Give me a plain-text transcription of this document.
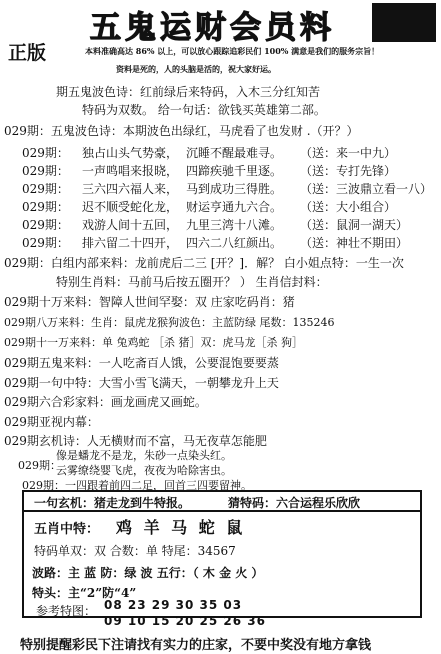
五鬼运财会员料
正版	本料准确高达 86% 以上，可以放心跟踪追彩民们 100% 满意是我们的服务宗旨！
资料是死的，人的头脑是活的，祝大家好运。
期五鬼波色诗：红前绿后来特码，入木三分红知苦
特码为双数。 给一句话：欲钱买英雄第二部。
029期：五鬼波色诗：本期波色出绿红，马虎看了也发财 .（开？）
029期： 独占山头气势豪， 沉睡不醒最难寻。 （送：来一中九）
029期： 一声鸣唱来报晓， 四蹄疾驰千里逐。 （送：专打先锋）
029期： 三六四六福人来， 马到成功三得胜。 （送：三波鼎立看一八）
029期： 迟不顺受蛇化龙， 财运亨通九六合。 （送：大小组合）
029期： 戏游人间十五回， 九里三湾十八滩。 （送：鼠洞一湖天）
029期： 排六留二十四开， 四六二八红颜出。 （送：神壮不期田）
029期：白组内部来料：龙前虎后二三 [开？]．解？ 白小姐点特：一生一次
特别生肖料：马前马后按五圈开？ ） 生肖信封料：
029期十万来料：智障人世间罕娶：双 庄家吃码肖：猪
029期八万来料：生肖：鼠虎龙猴狗波色：主蓝防绿 尾数：135246
029期十一万来料：单 兔鸡蛇 ［杀 猪］双：虎马龙［杀 狗］
029期五鬼来料：一人吃斋百人饿，公要混饱要要蒸
029期一句中特：大雪小雪飞满天，一朝攀龙升上天
029期六合彩家料：画龙画虎又画蛇。
029期亚视内幕：
029期玄机诗：人无横财而不富，马无夜草怎能肥
像是蟠龙不是龙，朱砂一点染头红。
029期：
云雾缭绕婴飞虎，夜夜为哈除害虫。
029期：一四跟着前四二足，回首三四要留神。
一句玄机：猪走龙到牛特报。	猜特码：六合运程乐欣欣
五肖中特： 鸡 羊 马 蛇 鼠
特码单双：双 合数：单 特尾：34567
波路：主 蓝 防：绿 波 五行：（ 木 金 火 ）
特头：主“2”防“4”
参考特图： 08 23 29 30 35 03
09 10 15 20 25 26 36
特别提醒彩民下注请找有实力的庄家，不要中奖没有地方拿钱
